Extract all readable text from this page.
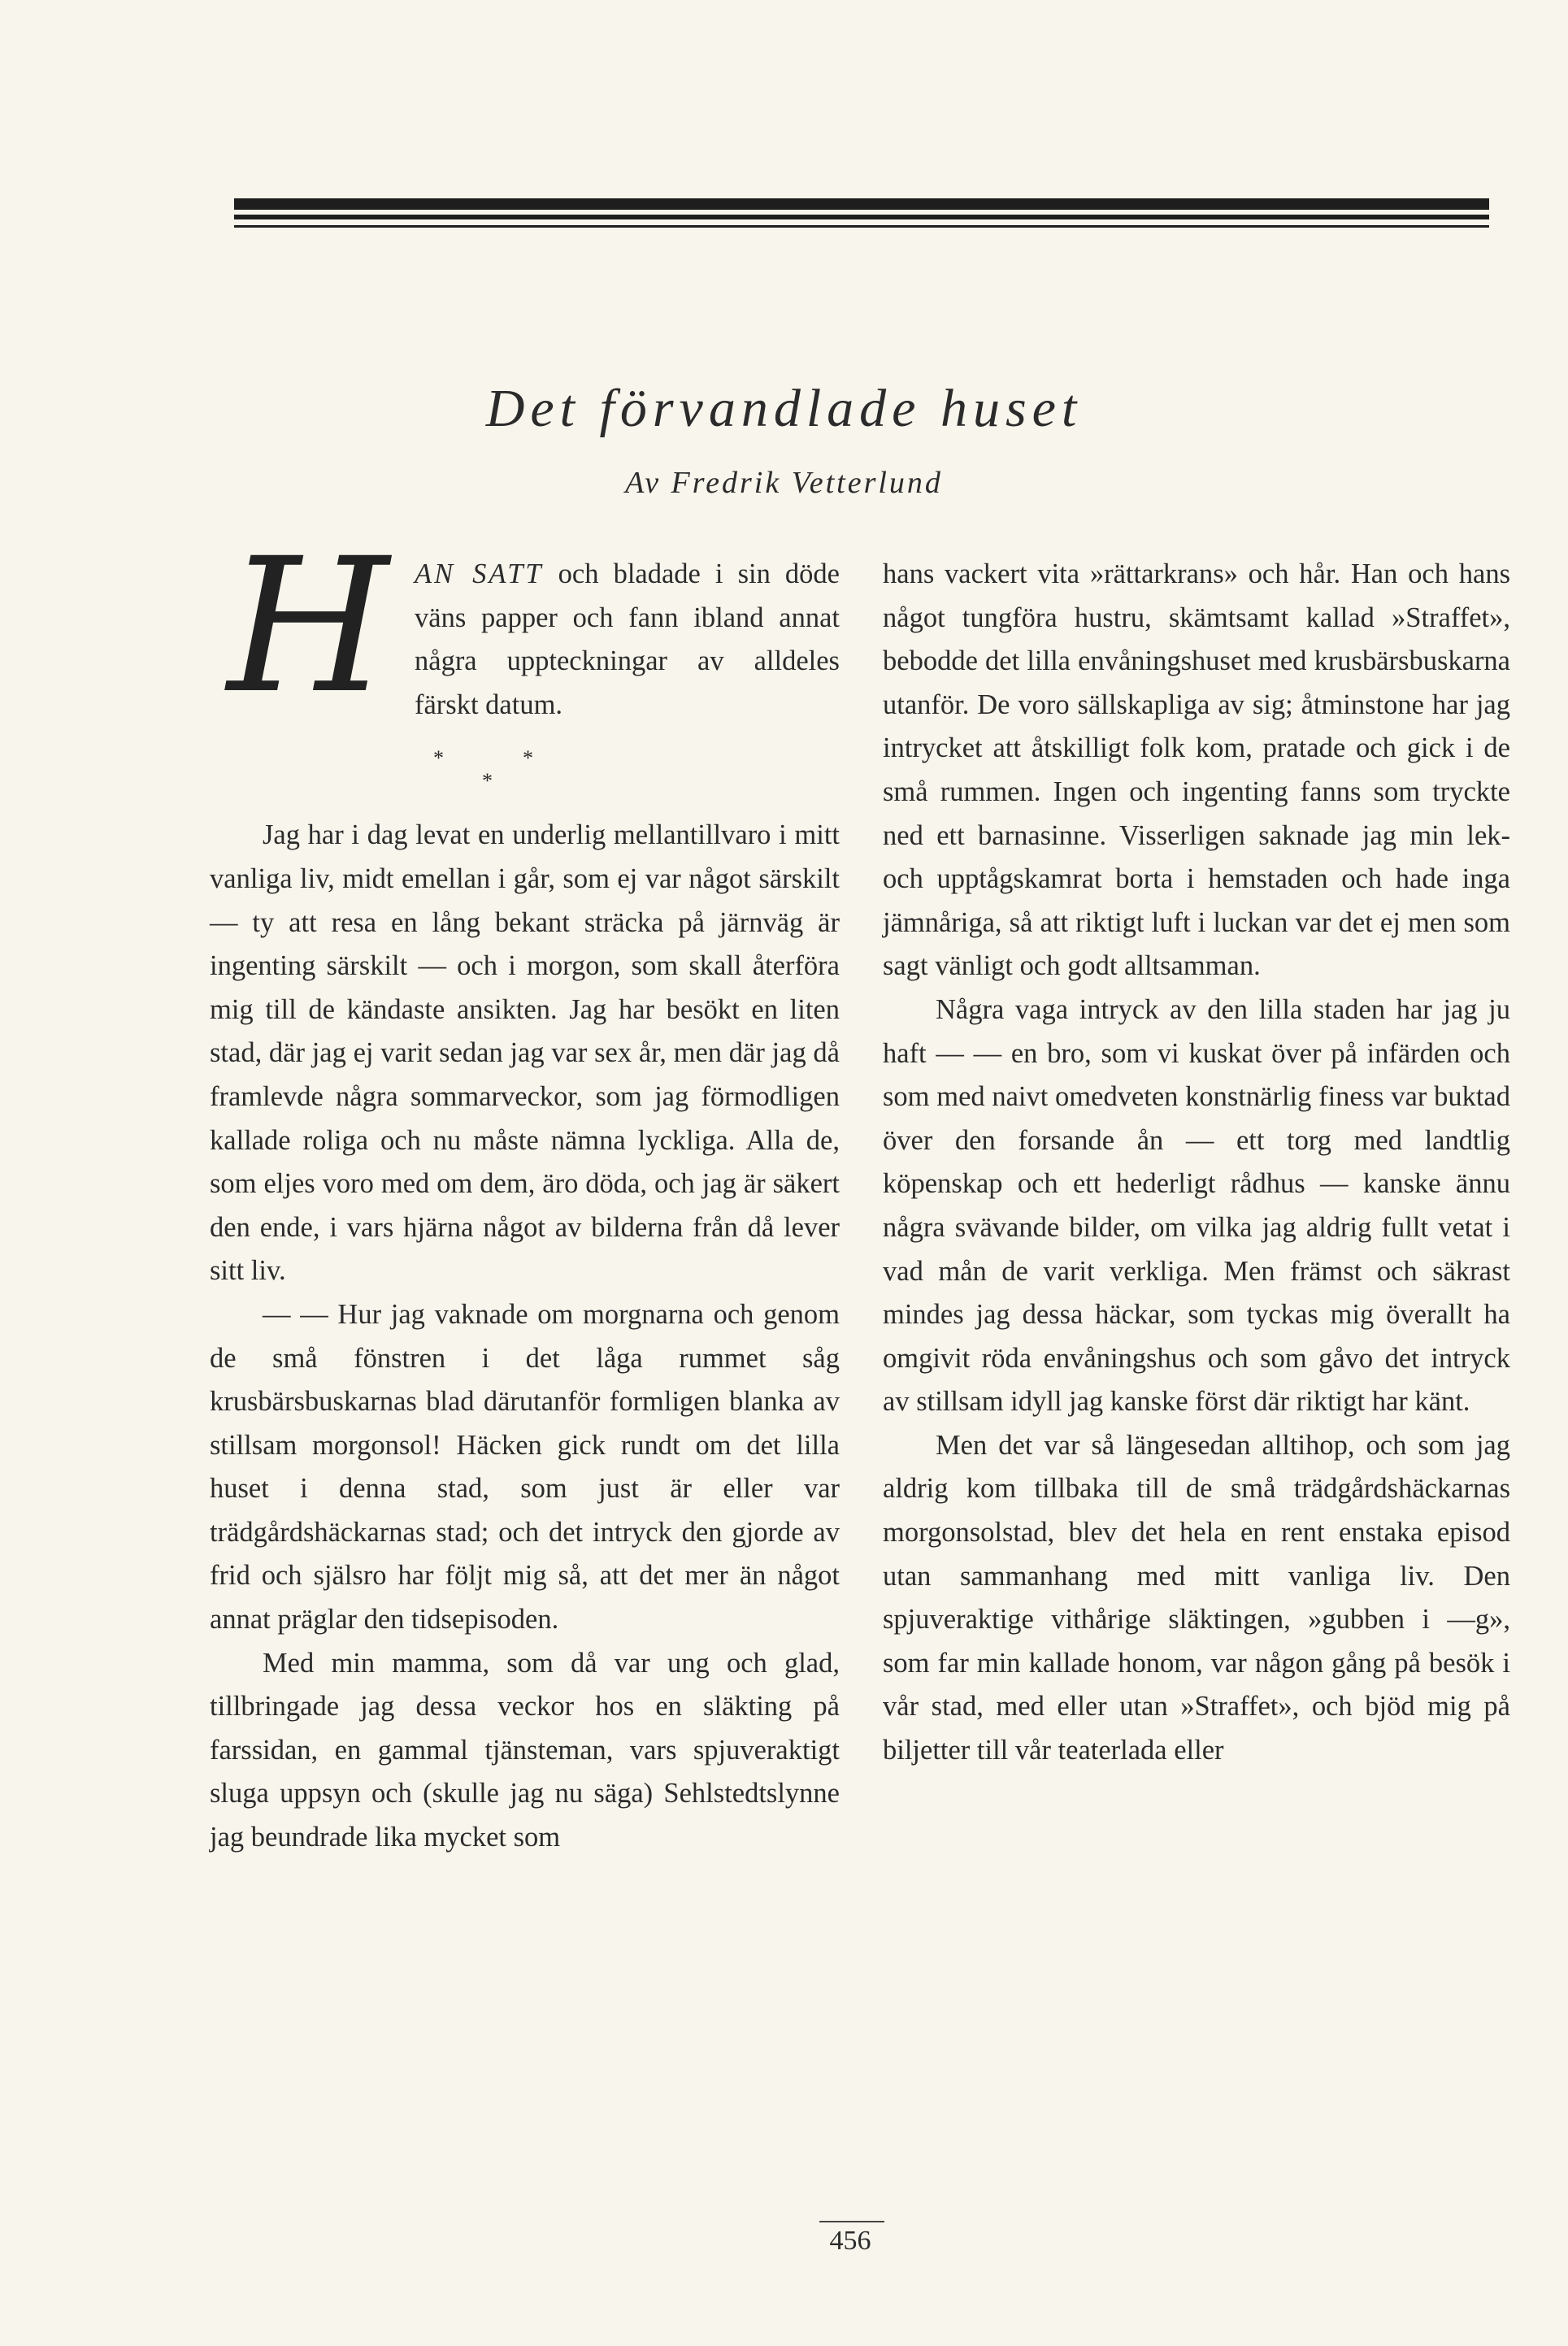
Det förvandlade huset
Av Fredrik Vetterlund

HAN SATT och bladade i sin döde väns papper och fann ibland annat några uppteckningar av alldeles färskt datum.

*	*
*

Jag har i dag levat en underlig mellantillvaro i mitt vanliga liv, midt emellan i går, som ej var något särskilt — ty att resa en lång bekant sträcka på järnväg är ingenting särskilt — och i morgon, som skall återföra mig till de kändaste ansikten. Jag har besökt en liten stad, där jag ej varit sedan jag var sex år, men där jag då framlevde några sommarveckor, som jag förmodligen kallade roliga och nu måste nämna lyckliga. Alla de, som eljes voro med om dem, äro döda, och jag är säkert den ende, i vars hjärna något av bilderna från då lever sitt liv.

— — Hur jag vaknade om morgnarna och genom de små fönstren i det låga rummet såg krusbärsbuskarnas blad därutanför formligen blanka av stillsam morgonsol! Häcken gick rundt om det lilla huset i denna stad, som just är eller var trädgårdshäckarnas stad; och det intryck den gjorde av frid och själsro har följt mig så, att det mer än något annat präglar den tidsepisoden.

Med min mamma, som då var ung och glad, tillbringade jag dessa veckor hos en släkting på farssidan, en gammal tjänsteman, vars spjuveraktigt sluga uppsyn och (skulle jag nu säga) Sehlstedtslynne jag beundrade lika mycket som

hans vackert vita »rättarkrans» och hår. Han och hans något tungföra hustru, skämtsamt kallad »Straffet», bebodde det lilla envåningshuset med krusbärsbuskarna utanför. De voro sällskapliga av sig; åtminstone har jag intrycket att åtskilligt folk kom, pratade och gick i de små rummen. Ingen och ingenting fanns som tryckte ned ett barnasinne. Visserligen saknade jag min lek- och upptågskamrat borta i hemstaden och hade inga jämnåriga, så att riktigt luft i luckan var det ej men som sagt vänligt och godt alltsamman.

Några vaga intryck av den lilla staden har jag ju haft — — en bro, som vi kuskat över på infärden och som med naivt omedveten konstnärlig finess var buktad över den forsande ån — ett torg med landtlig köpenskap och ett hederligt rådhus — kanske ännu några svävande bilder, om vilka jag aldrig fullt vetat i vad mån de varit verkliga. Men främst och säkrast mindes jag dessa häckar, som tyckas mig överallt ha omgivit röda envåningshus och som gåvo det intryck av stillsam idyll jag kanske först där riktigt har känt.

Men det var så längesedan alltihop, och som jag aldrig kom tillbaka till de små trädgårdshäckarnas morgonsolstad, blev det hela en rent enstaka episod utan sammanhang med mitt vanliga liv. Den spjuveraktige vithårige släktingen, »gubben i —g», som far min kallade honom, var någon gång på besök i vår stad, med eller utan »Straffet», och bjöd mig på biljetter till vår teaterlada eller

456
